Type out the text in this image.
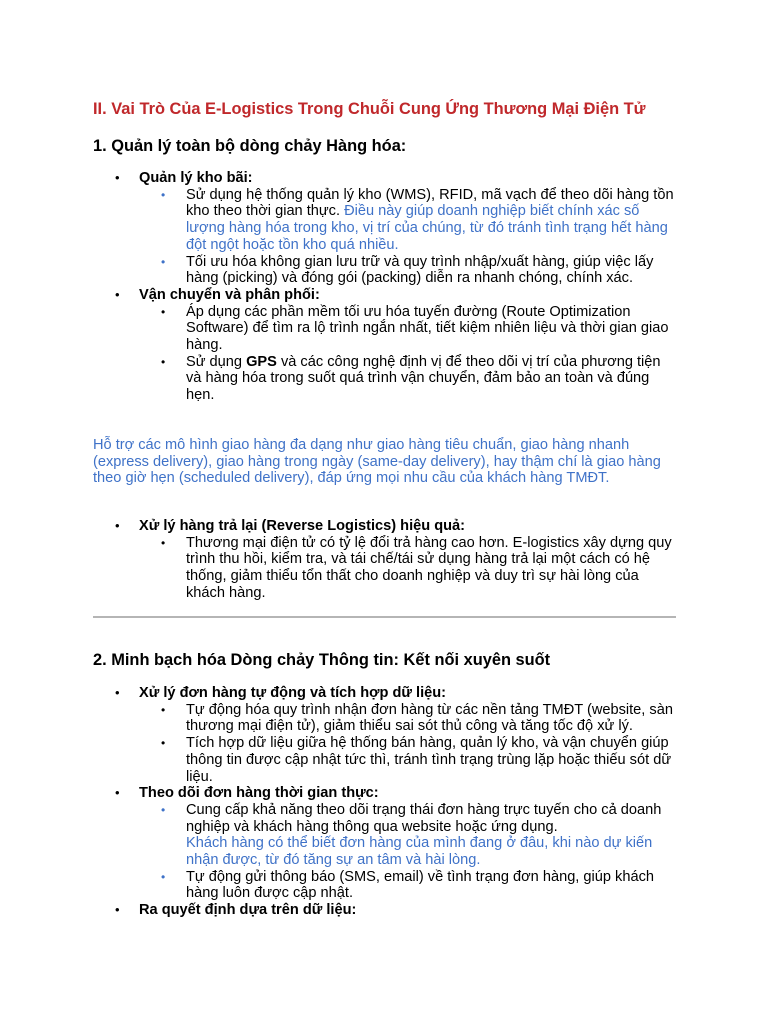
II. Vai Trò Của E-Logistics Trong Chuỗi Cung Ứng Thương Mại Điện Tử
1. Quản lý toàn bộ dòng chảy Hàng hóa:
• Quản lý kho bãi:
• Sử dụng hệ thống quản lý kho (WMS), RFID, mã vạch để theo dõi hàng tồn kho theo thời gian thực. Điều này giúp doanh nghiệp biết chính xác số lượng hàng hóa trong kho, vị trí của chúng, từ đó tránh tình trạng hết hàng đột ngột hoặc tồn kho quá nhiều.
• Tối ưu hóa không gian lưu trữ và quy trình nhập/xuất hàng, giúp việc lấy hàng (picking) và đóng gói (packing) diễn ra nhanh chóng, chính xác.
• Vận chuyển và phân phối:
• Áp dụng các phần mềm tối ưu hóa tuyến đường (Route Optimization Software) để tìm ra lộ trình ngắn nhất, tiết kiệm nhiên liệu và thời gian giao hàng.
• Sử dụng GPS và các công nghệ định vị để theo dõi vị trí của phương tiện và hàng hóa trong suốt quá trình vận chuyển, đảm bảo an toàn và đúng hẹn.

Hỗ trợ các mô hình giao hàng đa dạng như giao hàng tiêu chuẩn, giao hàng nhanh (express delivery), giao hàng trong ngày (same-day delivery), hay thậm chí là giao hàng theo giờ hẹn (scheduled delivery), đáp ứng mọi nhu cầu của khách hàng TMĐT.

• Xử lý hàng trả lại (Reverse Logistics) hiệu quả:
• Thương mại điện tử có tỷ lệ đổi trả hàng cao hơn. E-logistics xây dựng quy trình thu hồi, kiểm tra, và tái chế/tái sử dụng hàng trả lại một cách có hệ thống, giảm thiểu tổn thất cho doanh nghiệp và duy trì sự hài lòng của khách hàng.
2. Minh bạch hóa Dòng chảy Thông tin: Kết nối xuyên suốt
• Xử lý đơn hàng tự động và tích hợp dữ liệu:
• Tự động hóa quy trình nhận đơn hàng từ các nền tảng TMĐT (website, sàn thương mại điện tử), giảm thiểu sai sót thủ công và tăng tốc độ xử lý.
• Tích hợp dữ liệu giữa hệ thống bán hàng, quản lý kho, và vận chuyển giúp thông tin được cập nhật tức thì, tránh tình trạng trùng lặp hoặc thiếu sót dữ liệu.
• Theo dõi đơn hàng thời gian thực:
• Cung cấp khả năng theo dõi trạng thái đơn hàng trực tuyến cho cả doanh nghiệp và khách hàng thông qua website hoặc ứng dụng.
Khách hàng có thể biết đơn hàng của mình đang ở đâu, khi nào dự kiến nhận được, từ đó tăng sự an tâm và hài lòng.
• Tự động gửi thông báo (SMS, email) về tình trạng đơn hàng, giúp khách hàng luôn được cập nhật.
• Ra quyết định dựa trên dữ liệu:
